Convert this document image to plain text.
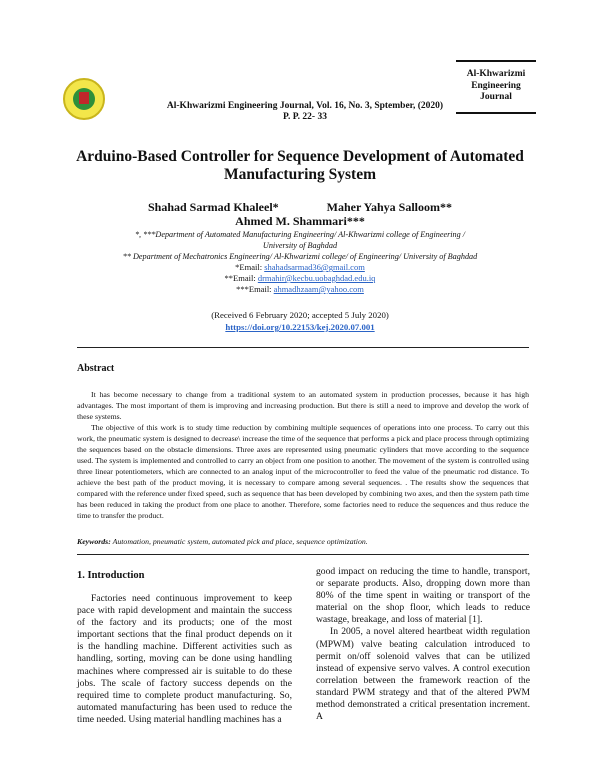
Al-Khwarizmi Engineering Journal, Vol. 16, No. 3, Sptember, (2020)
P. P. 22- 33
Al-Khwarizmi
Engineering
Journal
Arduino-Based Controller for Sequence Development of Automated
Manufacturing System
Shahad Sarmad Khaleel*	Maher Yahya Salloom**
Ahmed M. Shammari***
*, ***Department of Automated Manufacturing Engineering/ Al-Khwarizmi college of Engineering /
University of Baghdad
** Department of Mechatronics Engineering/ Al-Khwarizmi college/ of Engineering/ University of Baghdad
*Email: shahadsarmad36@gmail.com
**Email: drmahir@kecbu.uobaghdad.edu.iq
***Email: ahmadhzaam@yahoo.com
(Received 6 February 2020; accepted 5 July 2020)
https://doi.org/10.22153/kej.2020.07.001
Abstract

It has become necessary to change from a traditional system to an automated system in production processes, because it has high advantages. The most important of them is improving and increasing production. But there is still a need to improve and develop the work of these systems.

The objective of this work is to study time reduction by combining multiple sequences of operations into one process. To carry out this work, the pneumatic system is designed to decrease\ increase the time of the sequence that performs a pick and place process through optimizing the sequences based on the obstacle dimensions. Three axes are represented using pneumatic cylinders that move according to the sequence used. The system is implemented and controlled to carry an object from one position to another. The movement of the system is controlled using three linear potentiometers, which are connected to an analog input of the microcontroller to feed the value of the pneumatic rod distance. To achieve the best path of the product moving, it is necessary to compare among several sequences. . The results show the sequences that compared with the reference under fixed speed, such as sequence that has been developed by combining two axes, and then the system path time has been reduced in taking the product from one place to another. Therefore, some factories need to reduce the sequences and thus reduce the time to transfer the product.

Keywords: Automation, pneumatic system, automated pick and place, sequence optimization.
1. Introduction

Factories need continuous improvement to keep pace with rapid development and maintain the success of the factory and its products; one of the most important sections that the final product depends on it is the handling machine. Different activities such as handling, sorting, moving can be done using handling machines where compressed air is suitable to do these jobs. The scale of factory success depends on the required time to complete product manufacturing. So, automated manufacturing has been used to reduce the time needed. Using material handling machines has a

good impact on reducing the time to handle, transport, or separate products. Also, dropping down more than 80% of the time spent in waiting or transport of the material on the shop floor, which leads to reduce wastage, breakage, and loss of material [1].

In 2005, a novel altered heartbeat width regulation (MPWM) valve beating calculation introduced to permit on/off solenoid valves that can be utilized instead of expensive servo valves. A control execution correlation between the framework reaction of the standard PWM strategy and that of the altered PWM method demonstrated a critical presentation increment. A
